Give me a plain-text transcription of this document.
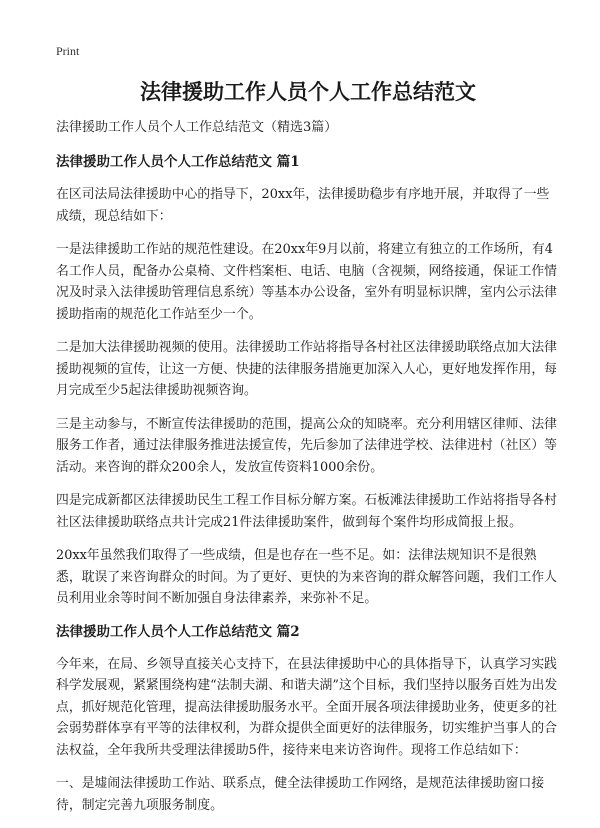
Print
法律援助工作人员个人工作总结范文

法律援助工作人员个人工作总结范文（精选3篇）

法律援助工作人员个人工作总结范文 篇1

在区司法局法律援助中心的指导下，20xx年，法律援助稳步有序地开展，并取得了一些成绩，现总结如下：

一是法律援助工作站的规范性建设。在20xx年9月以前，将建立有独立的工作场所，有4名工作人员，配备办公桌椅、文件档案柜、电话、电脑（含视频，网络接通，保证工作情况及时录入法律援助管理信息系统）等基本办公设备，室外有明显标识牌，室内公示法律援助指南的规范化工作站至少一个。

二是加大法律援助视频的使用。法律援助工作站将指导各村社区法律援助联络点加大法律援助视频的宣传，让这一方便、快捷的法律服务措施更加深入人心，更好地发挥作用，每月完成至少5起法律援助视频咨询。

三是主动参与，不断宣传法律援助的范围，提高公众的知晓率。充分利用辖区律师、法律服务工作者，通过法律服务推进法援宣传，先后参加了法律进学校、法律进村（社区）等活动。来咨询的群众200余人，发放宣传资料1000余份。

四是完成新都区法律援助民生工程工作目标分解方案。石板滩法律援助工作站将指导各村社区法律援助联络点共计完成21件法律援助案件，做到每个案件均形成简报上报。

20xx年虽然我们取得了一些成绩，但是也存在一些不足。如：法律法规知识不是很熟悉，耽误了来咨询群众的时间。为了更好、更快的为来咨询的群众解答问题，我们工作人员利用业余等时间不断加强自身法律素养，来弥补不足。

法律援助工作人员个人工作总结范文 篇2

今年来，在局、乡领导直接关心支持下，在县法律援助中心的具体指导下，认真学习实践科学发展观，紧紧围绕构建“法制夫湖、和谐夫湖”这个目标，我们坚持以服务百姓为出发点，抓好规范化管理，提高法律援助服务水平。全面开展各项法律援助业务，使更多的社会弱势群体享有平等的法律权利，为群众提供全面更好的法律服务，切实维护当事人的合法权益，全年我所共受理法律援助5件，接待来电来访咨询件。现将工作总结如下：

一、是墟闹法律援助工作站、联系点，健全法律援助工作网络，是规范法律援助窗口接待，制定完善九项服务制度。
